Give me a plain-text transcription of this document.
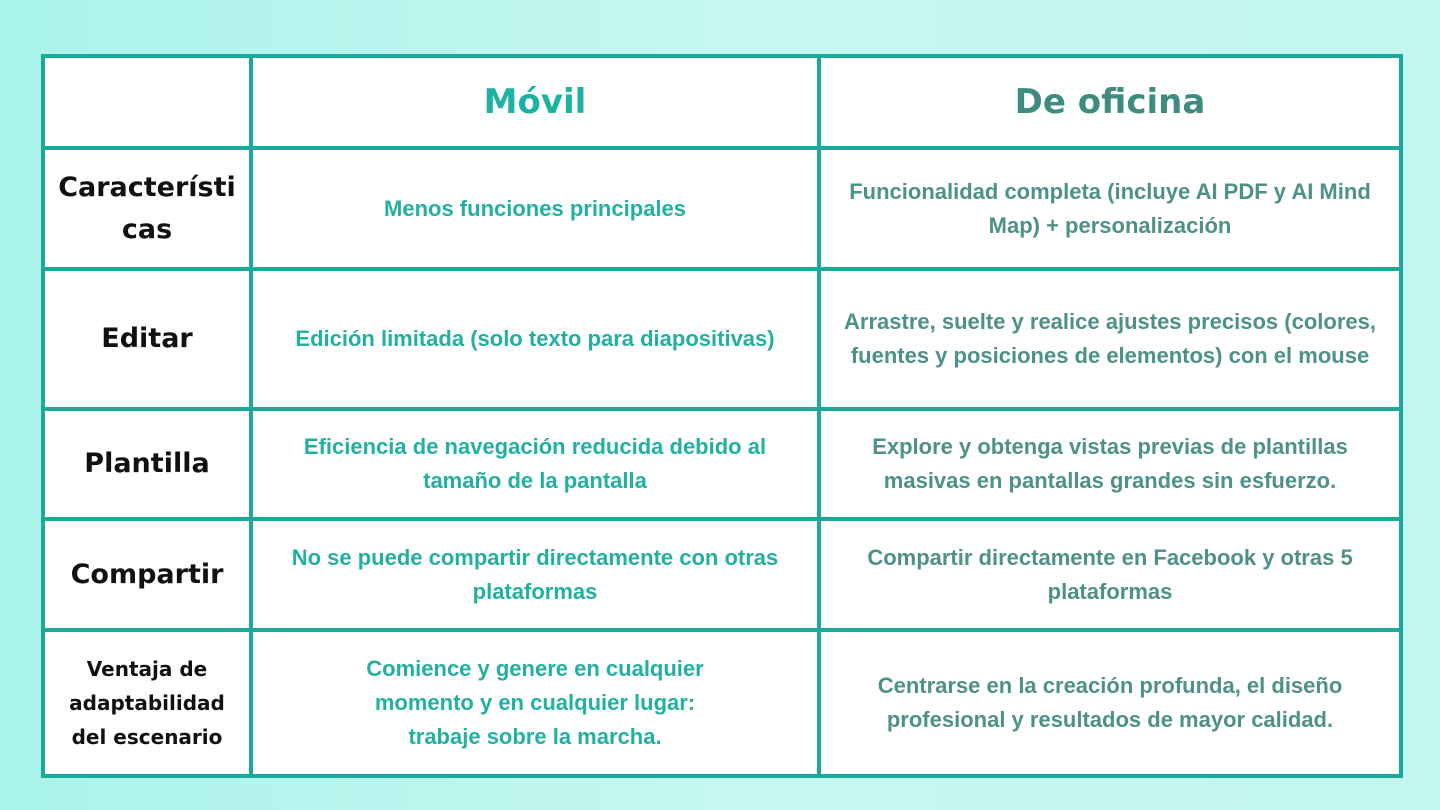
	Móvil	De oficina
Características	Menos funciones principales	Funcionalidad completa (incluye AI PDF y AI Mind Map) + personalización
Editar	Edición limitada (solo texto para diapositivas)	Arrastre, suelte y realice ajustes precisos (colores, fuentes y posiciones de elementos) con el mouse
Plantilla	Eficiencia de navegación reducida debido al tamaño de la pantalla	Explore y obtenga vistas previas de plantillas masivas en pantallas grandes sin esfuerzo.
Compartir	No se puede compartir directamente con otras plataformas	Compartir directamente en Facebook y otras 5 plataformas
Ventaja de adaptabilidad del escenario	Comience y genere en cualquier momento y en cualquier lugar: trabaje sobre la marcha.	Centrarse en la creación profunda, el diseño profesional y resultados de mayor calidad.
